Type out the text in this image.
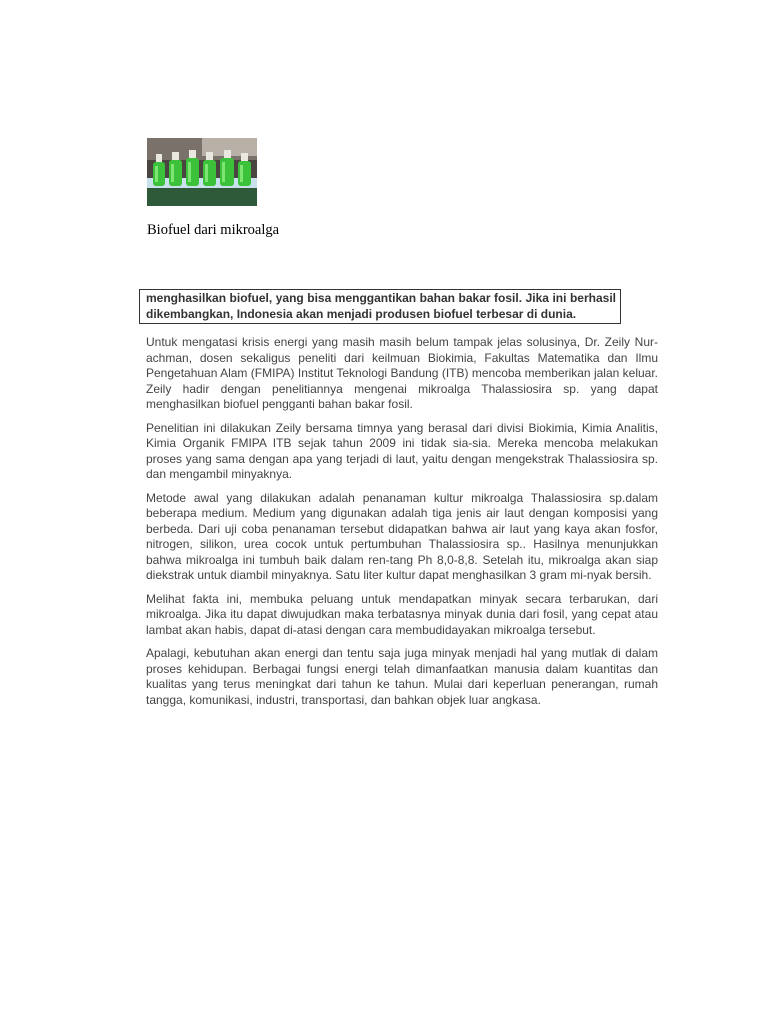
Biofuel dari mikroalga
menghasilkan biofuel, yang bisa menggantikan bahan bakar fosil. Jika ini berhasil dikembangkan, Indonesia akan menjadi produsen biofuel terbesar di dunia.

Untuk mengatasi krisis energi yang masih masih belum tampak jelas solusinya, Dr. Zeily Nur-achman, dosen sekaligus peneliti dari keilmuan Biokimia, Fakultas Matematika dan Ilmu Pengetahuan Alam (FMIPA) Institut Teknologi Bandung (ITB) mencoba memberikan jalan keluar. Zeily hadir dengan penelitiannya mengenai mikroalga Thalassiosira sp. yang dapat menghasilkan biofuel pengganti bahan bakar fosil.

Penelitian ini dilakukan Zeily bersama timnya yang berasal dari divisi Biokimia, Kimia Analitis, Kimia Organik FMIPA ITB sejak tahun 2009 ini tidak sia-sia. Mereka mencoba melakukan proses yang sama dengan apa yang terjadi di laut, yaitu dengan mengekstrak Thalassiosira sp. dan mengambil minyaknya.

Metode awal yang dilakukan adalah penanaman kultur mikroalga Thalassiosira sp.dalam beberapa medium. Medium yang digunakan adalah tiga jenis air laut dengan komposisi yang berbeda. Dari uji coba penanaman tersebut didapatkan bahwa air laut yang kaya akan fosfor, nitrogen, silikon, urea cocok untuk pertumbuhan Thalassiosira sp.. Hasilnya menunjukkan bahwa mikroalga ini tumbuh baik dalam ren-tang Ph 8,0-8,8. Setelah itu, mikroalga akan siap diekstrak untuk diambil minyaknya. Satu liter kultur dapat menghasilkan 3 gram mi-nyak bersih.

Melihat fakta ini, membuka peluang untuk mendapatkan minyak secara terbarukan, dari mikroalga. Jika itu dapat diwujudkan maka terbatasnya minyak dunia dari fosil, yang cepat atau lambat akan habis, dapat di-atasi dengan cara membudidayakan mikroalga tersebut.

Apalagi, kebutuhan akan energi dan tentu saja juga minyak menjadi hal yang mutlak di dalam proses kehidupan. Berbagai fungsi energi telah dimanfaatkan manusia dalam kuantitas dan kualitas yang terus meningkat dari tahun ke tahun. Mulai dari keperluan penerangan, rumah tangga, komunikasi, industri, transportasi, dan bahkan objek luar angkasa.
